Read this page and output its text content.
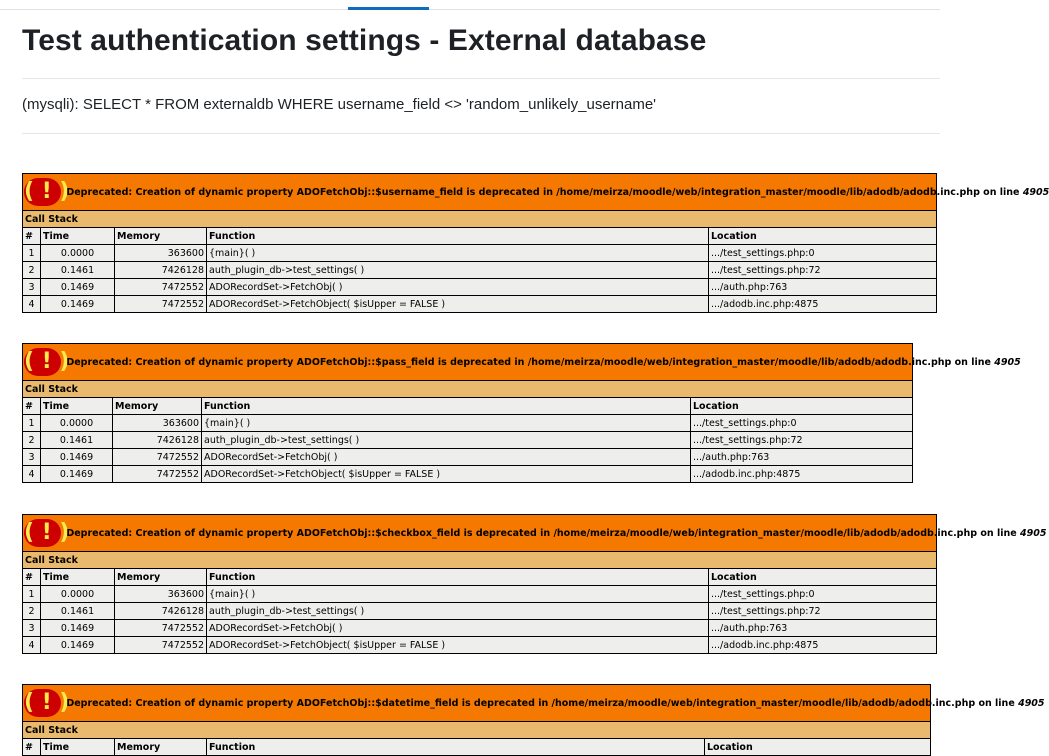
Test authentication settings - External database
(mysqli): SELECT * FROM externaldb WHERE username_field <> 'random_unlikely_username'
( ! ) Deprecated: Creation of dynamic property ADOFetchObj::$username_field is deprecated in /home/meirza/moodle/web/integration_master/moodle/lib/adodb/adodb.inc.php on line 4905				
Call Stack				
#	Time	Memory	Function	Location
1	0.0000	363600	{main}( )	.../test_settings.php:0
2	0.1461	7426128	auth_plugin_db->test_settings( )	.../test_settings.php:72
3	0.1469	7472552	ADORecordSet->FetchObj( )	.../auth.php:763
4	0.1469	7472552	ADORecordSet->FetchObject( $isUpper = FALSE )	.../adodb.inc.php:4875
( ! ) Deprecated: Creation of dynamic property ADOFetchObj::$pass_field is deprecated in /home/meirza/moodle/web/integration_master/moodle/lib/adodb/adodb.inc.php on line 4905				
Call Stack				
#	Time	Memory	Function	Location
1	0.0000	363600	{main}( )	.../test_settings.php:0
2	0.1461	7426128	auth_plugin_db->test_settings( )	.../test_settings.php:72
3	0.1469	7472552	ADORecordSet->FetchObj( )	.../auth.php:763
4	0.1469	7472552	ADORecordSet->FetchObject( $isUpper = FALSE )	.../adodb.inc.php:4875
( ! ) Deprecated: Creation of dynamic property ADOFetchObj::$checkbox_field is deprecated in /home/meirza/moodle/web/integration_master/moodle/lib/adodb/adodb.inc.php on line 4905				
Call Stack				
#	Time	Memory	Function	Location
1	0.0000	363600	{main}( )	.../test_settings.php:0
2	0.1461	7426128	auth_plugin_db->test_settings( )	.../test_settings.php:72
3	0.1469	7472552	ADORecordSet->FetchObj( )	.../auth.php:763
4	0.1469	7472552	ADORecordSet->FetchObject( $isUpper = FALSE )	.../adodb.inc.php:4875
( ! ) Deprecated: Creation of dynamic property ADOFetchObj::$datetime_field is deprecated in /home/meirza/moodle/web/integration_master/moodle/lib/adodb/adodb.inc.php on line 4905
Call Stack
#	Time	Memory	Function	Location
